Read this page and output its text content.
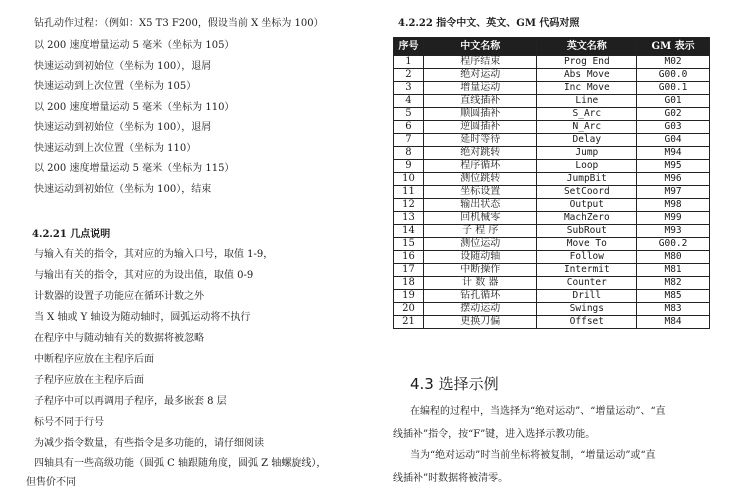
钻孔动作过程：（例如：X5 T3 F200，假设当前 X 坐标为 100）
以 200 速度增量运动 5 毫米（坐标为 105）
快速运动到初始位（坐标为 100），退屑
快速运动到上次位置（坐标为 105）
以 200 速度增量运动 5 毫米（坐标为 110）
快速运动到初始位（坐标为 100），退屑
快速运动到上次位置（坐标为 110）
以 200 速度增量运动 5 毫米（坐标为 115）
快速运动到初始位（坐标为 100），结束
4.2.21 几点说明
与输入有关的指令，其对应的为输入口号，取值 1-9，
与输出有关的指令，其对应的为设出值，取值 0-9
计数器的设置子功能应在循环计数之外
当 X 轴或 Y 轴设为随动轴时，圆弧运动将不执行
在程序中与随动轴有关的数据将被忽略
中断程序应放在主程序后面
子程序应放在主程序后面
子程序中可以再调用子程序，最多嵌套 8 层
标号不同于行号
为减少指令数量，有些指令是多功能的，请仔细阅读
四轴具有一些高级功能（圆弧 C 轴跟随角度，圆弧 Z 轴螺旋线），
但售价不同
4.2.22 指令中文、英文、GM 代码对照
序号	中文名称	英文名称	GM 表示
1	程序结束	Prog End	M02
2	绝对运动	Abs Move	G00.0
3	增量运动	Inc Move	G00.1
4	直线插补	Line	G01
5	顺圆插补	S_Arc	G02
6	逆圆插补	N_Arc	G03
7	延时等待	Delay	G04
8	绝对跳转	Jump	M94
9	程序循环	Loop	M95
10	测位跳转	JumpBit	M96
11	坐标设置	SetCoord	M97
12	输出状态	Output	M98
13	回机械零	MachZero	M99
14	子 程 序	SubRout	M93
15	测位运动	Move To	G00.2
16	设随动轴	Follow	M80
17	中断操作	Intermit	M81
18	计 数 器	Counter	M82
19	钻孔循环	Drill	M85
20	摆动运动	Swings	M83
21	更换刀偏	Offset	M84
4.3 选择示例
在编程的过程中，当选择为“绝对运动”、“增量运动”、“直
线插补”指令，按“F”键，进入选择示教功能。
当为“绝对运动”时当前坐标将被复制，“增量运动”或“直
线插补”时数据将被清零。
